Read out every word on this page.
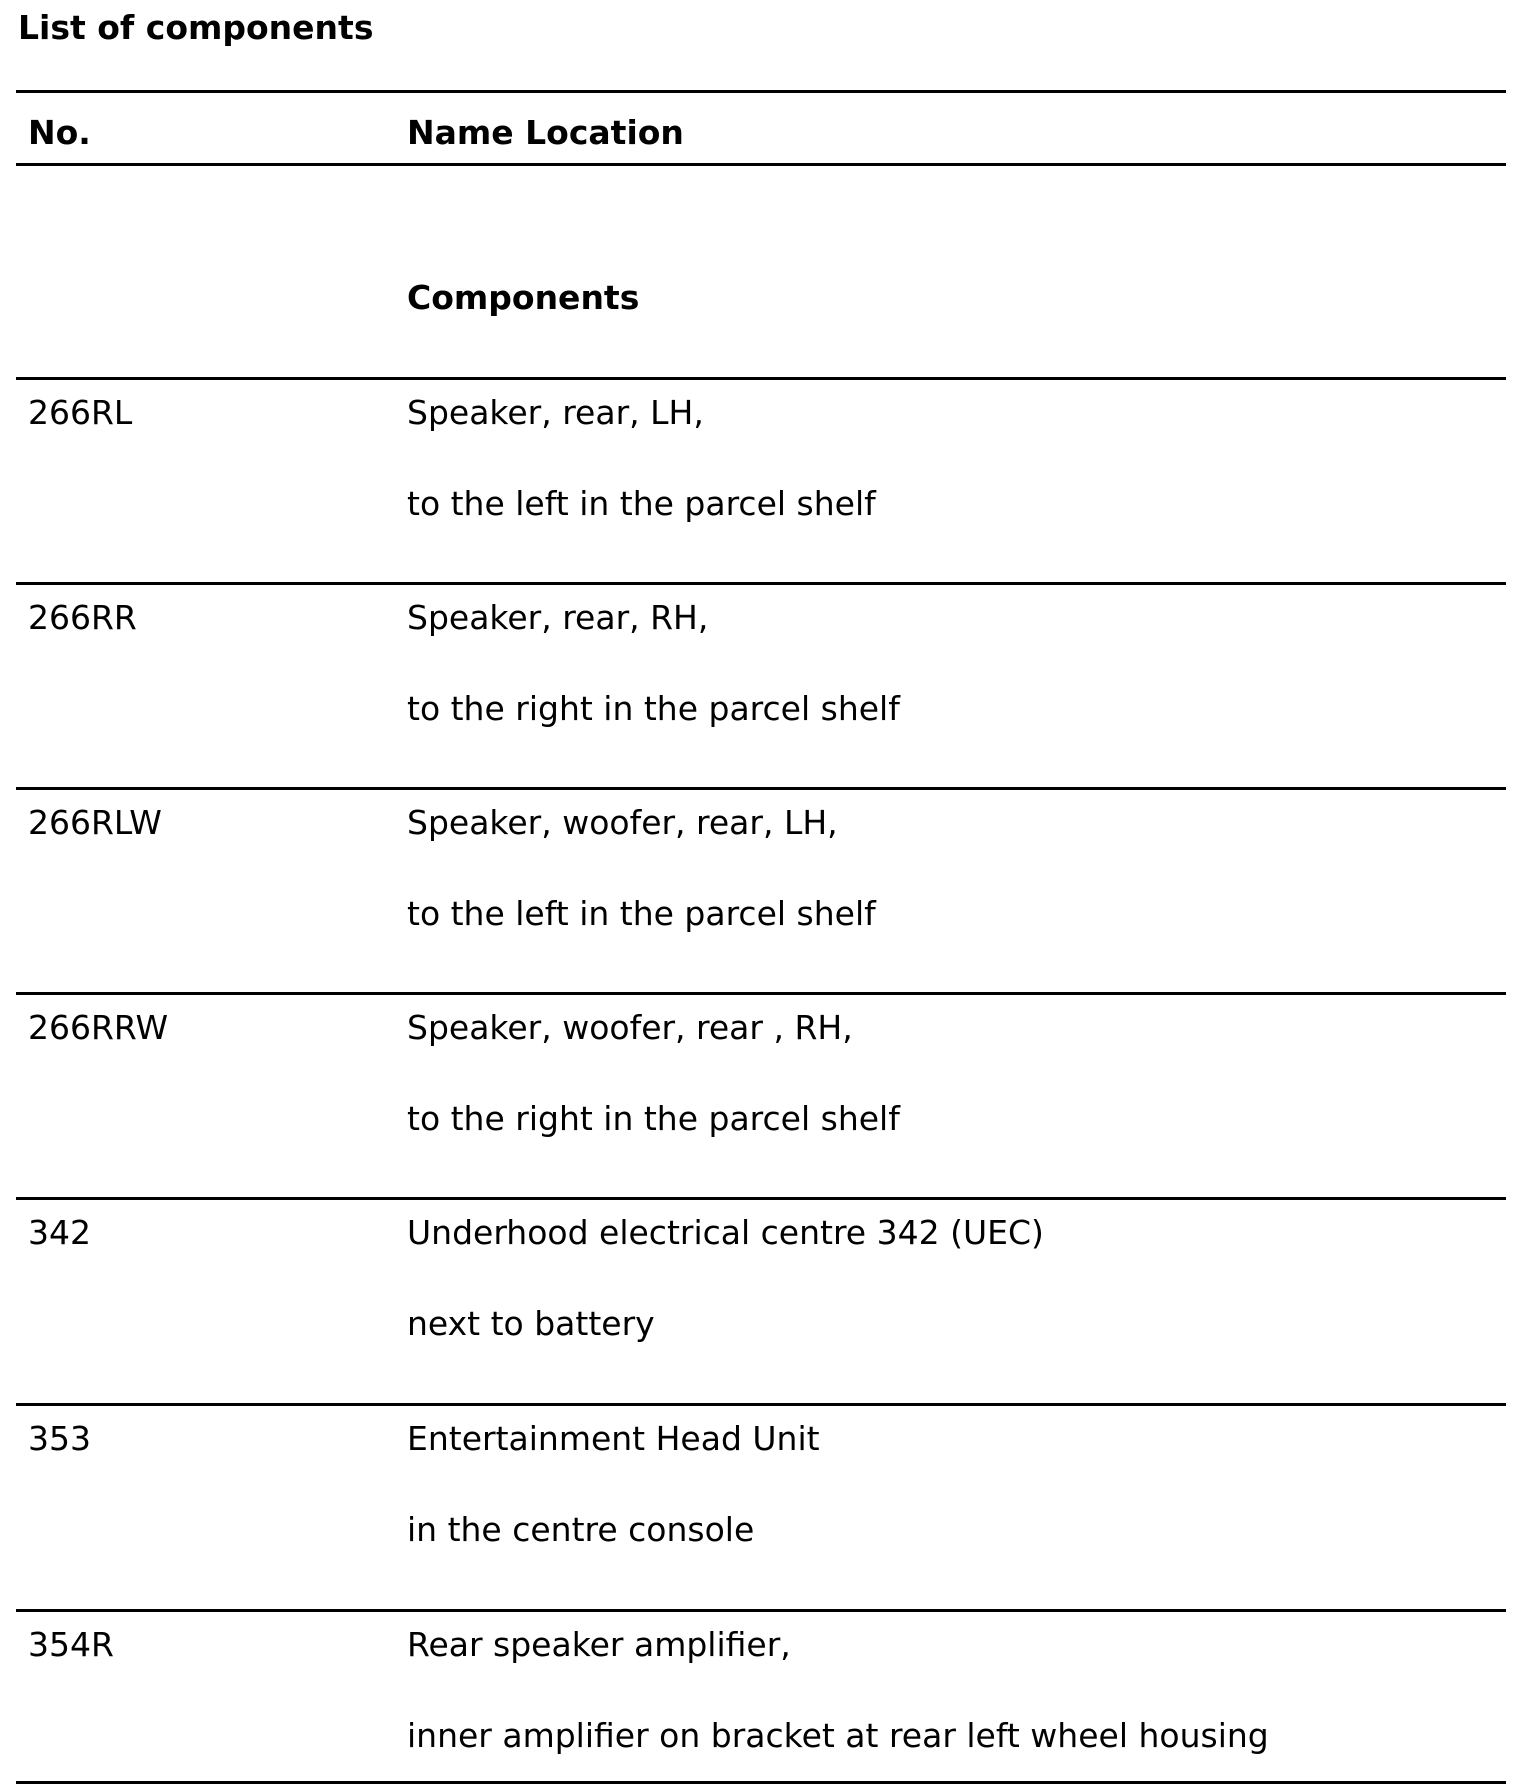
List of components
No.	Name Location
Components
266RL	Speaker, rear, LH,
to the left in the parcel shelf
266RR	Speaker, rear, RH,
to the right in the parcel shelf
266RLW	Speaker, woofer, rear, LH,
to the left in the parcel shelf
266RRW	Speaker, woofer, rear , RH,
to the right in the parcel shelf
342	Underhood electrical centre 342 (UEC)
next to battery
353	Entertainment Head Unit
in the centre console
354R	Rear speaker amplifier,
inner amplifier on bracket at rear left wheel housing
